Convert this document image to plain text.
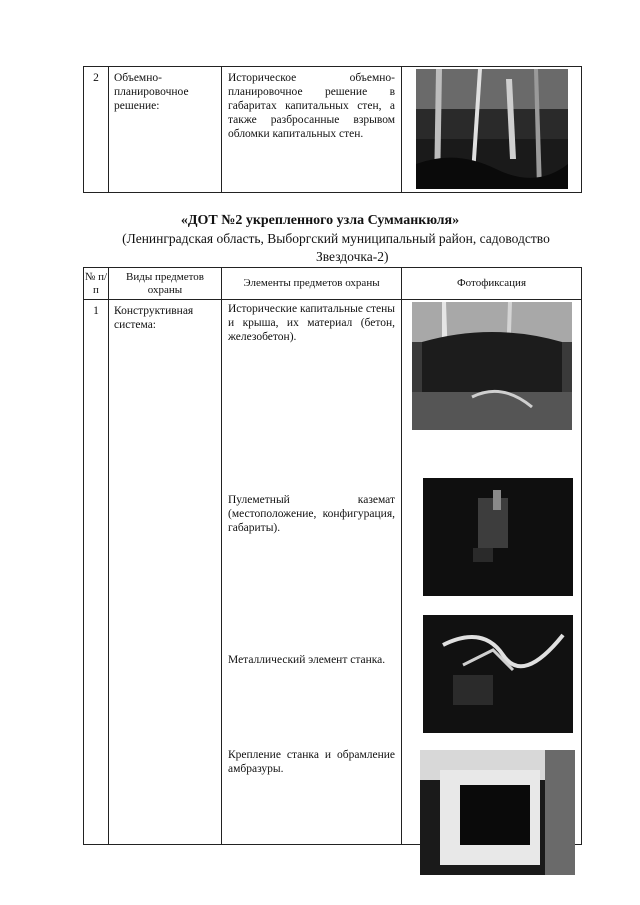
2	Объемно-планировочное решение:	Историческое объемно-планировочное решение в габаритах капитальных стен, а также разбросанные взрывом обломки капитальных стен.	
«ДОТ №2 укрепленного узла Сумманкюля»
(Ленинградская область, Выборгский муниципальный район, садоводство
Звездочка-2)
№ п/п	Виды предметов охраны	Элементы предметов охраны	Фотофиксация
1	Конструктивная система:	Исторические капитальные стены и крыша, их материал (бетон, железобетон).
Пулеметный каземат (местоположение, конфигурация, габариты).
Металлический элемент станка.
Крепление станка и обрамление амбразуры.
